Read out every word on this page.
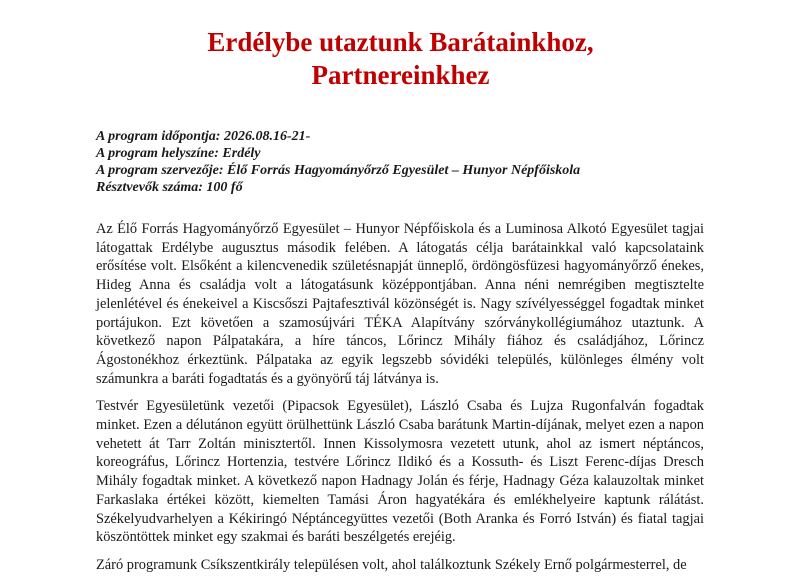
Erdélybe utaztunk Barátainkhoz,
Partnereinkhez
A program időpontja: 2026.08.16-21-
A program helyszíne: Erdély
A program szervezője: Élő Forrás Hagyományőrző Egyesület – Hunyor Népfőiskola
Résztvevők száma: 100 fő

Az Élő Forrás Hagyományőrző Egyesület – Hunyor Népfőiskola és a Luminosa Alkotó Egyesület tagjai látogattak Erdélybe augusztus második felében. A látogatás célja barátainkkal való kapcsolataink erősítése volt. Elsőként a kilencvenedik születésnapját ünneplő, ördöngösfüzesi hagyományőrző énekes, Hideg Anna és családja volt a látogatásunk középpontjában. Anna néni nemrégiben megtisztelte jelenlétével és énekeivel a Kiscsőszi Pajtafesztivál közönségét is. Nagy szívélyességgel fogadtak minket portájukon. Ezt követően a szamosújvári TÉKA Alapítvány szórványkollégiumához utaztunk. A következő napon Pálpatakára, a híre táncos, Lőrincz Mihály fiához és családjához, Lőrincz Ágostonékhoz érkeztünk. Pálpataka az egyik legszebb sóvidéki település, különleges élmény volt számunkra a baráti fogadtatás és a gyönyörű táj látványa is.

Testvér Egyesületünk vezetői (Pipacsok Egyesület), László Csaba és Lujza Rugonfalván fogadtak minket. Ezen a délutánon együtt örülhettünk László Csaba barátunk Martin-díjának, melyet ezen a napon vehetett át Tarr Zoltán minisztertől. Innen Kissolymosra vezetett utunk, ahol az ismert néptáncos, koreográfus, Lőrincz Hortenzia, testvére Lőrincz Ildikó és a Kossuth- és Liszt Ferenc-díjas Dresch Mihály fogadtak minket. A következő napon Hadnagy Jolán és férje, Hadnagy Géza kalauzoltak minket Farkaslaka értékei között, kiemelten Tamási Áron hagyatékára és emlékhelyeire kaptunk rálátást. Székelyudvarhelyen a Kékiringó Néptáncegyüttes vezetői (Both Aranka és Forró István) és fiatal tagjai köszöntöttek minket egy szakmai és baráti beszélgetés erejéig.

Záró programunk Csíkszentkirály településen volt, ahol találkoztunk Székely Ernő polgármesterrel, de
